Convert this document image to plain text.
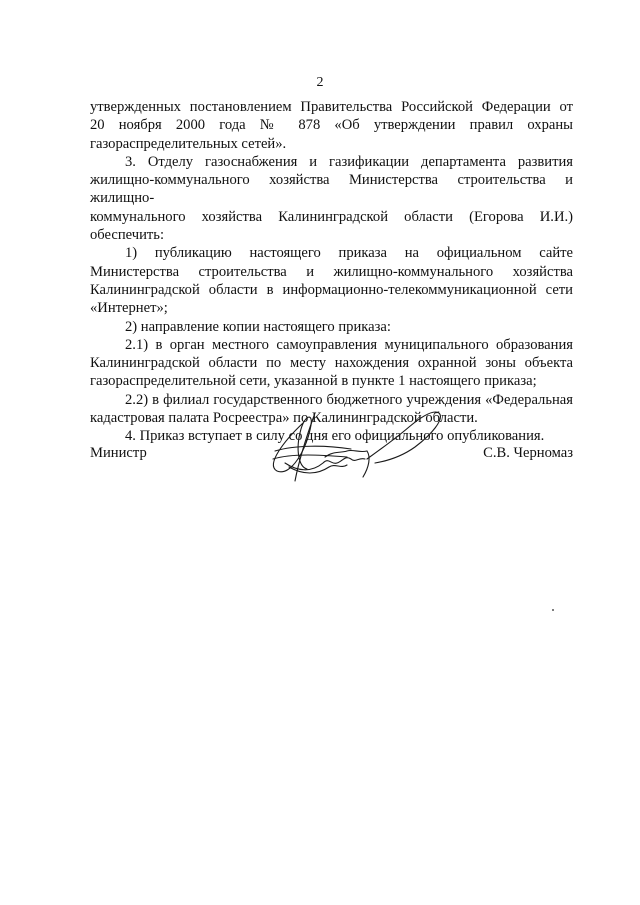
2

утвержденных постановлением Правительства Российской Федерации от
20 ноября 2000 года № 878 «Об утверждении правил охраны
газораспределительных сетей».

3. Отделу газоснабжения и газификации департамента развития
жилищно-коммунального хозяйства Министерства строительства и жилищно-
коммунального хозяйства Калининградской области (Егорова И.И.)
обеспечить:

1) публикацию настоящего приказа на официальном сайте
Министерства строительства и жилищно-коммунального хозяйства
Калининградской области в информационно-телекоммуникационной сети
«Интернет»;

2) направление копии настоящего приказа:

2.1) в орган местного самоуправления муниципального образования
Калининградской области по месту нахождения охранной зоны объекта
газораспределительной сети, указанной в пункте 1 настоящего приказа;

2.2) в филиал государственного бюджетного учреждения «Федеральная
кадастровая палата Росреестра» по Калининградской области.

4. Приказ вступает в силу со дня его официального опубликования.

Министр	С.В. Черномаз
